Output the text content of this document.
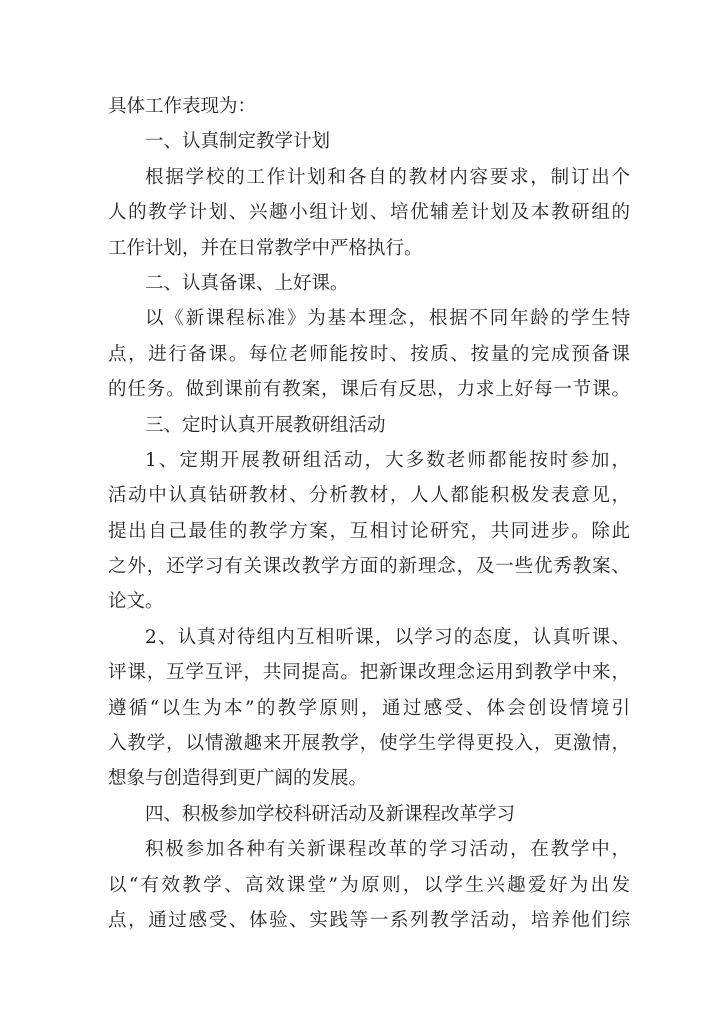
具体工作表现为：

一、认真制定教学计划

根据学校的工作计划和各自的教材内容要求，制订出个

人的教学计划、兴趣小组计划、培优辅差计划及本教研组的

工作计划，并在日常教学中严格执行。

二、认真备课、上好课。

以《新课程标准》为基本理念，根据不同年龄的学生特

点，进行备课。每位老师能按时、按质、按量的完成预备课

的任务。做到课前有教案，课后有反思，力求上好每一节课。

三、定时认真开展教研组活动

1、定期开展教研组活动，大多数老师都能按时参加，

活动中认真钻研教材、分析教材，人人都能积极发表意见，

提出自己最佳的教学方案，互相讨论研究，共同进步。除此

之外，还学习有关课改教学方面的新理念，及一些优秀教案、

论文。

2、认真对待组内互相听课，以学习的态度，认真听课、

评课，互学互评，共同提高。把新课改理念运用到教学中来，

遵循“以生为本”的教学原则，通过感受、体会创设情境引

入教学，以情激趣来开展教学，使学生学得更投入，更激情，

想象与创造得到更广阔的发展。

四、积极参加学校科研活动及新课程改革学习

积极参加各种有关新课程改革的学习活动，在教学中，

以“有效教学、高效课堂”为原则，以学生兴趣爱好为出发

点，通过感受、体验、实践等一系列教学活动，培养他们综
